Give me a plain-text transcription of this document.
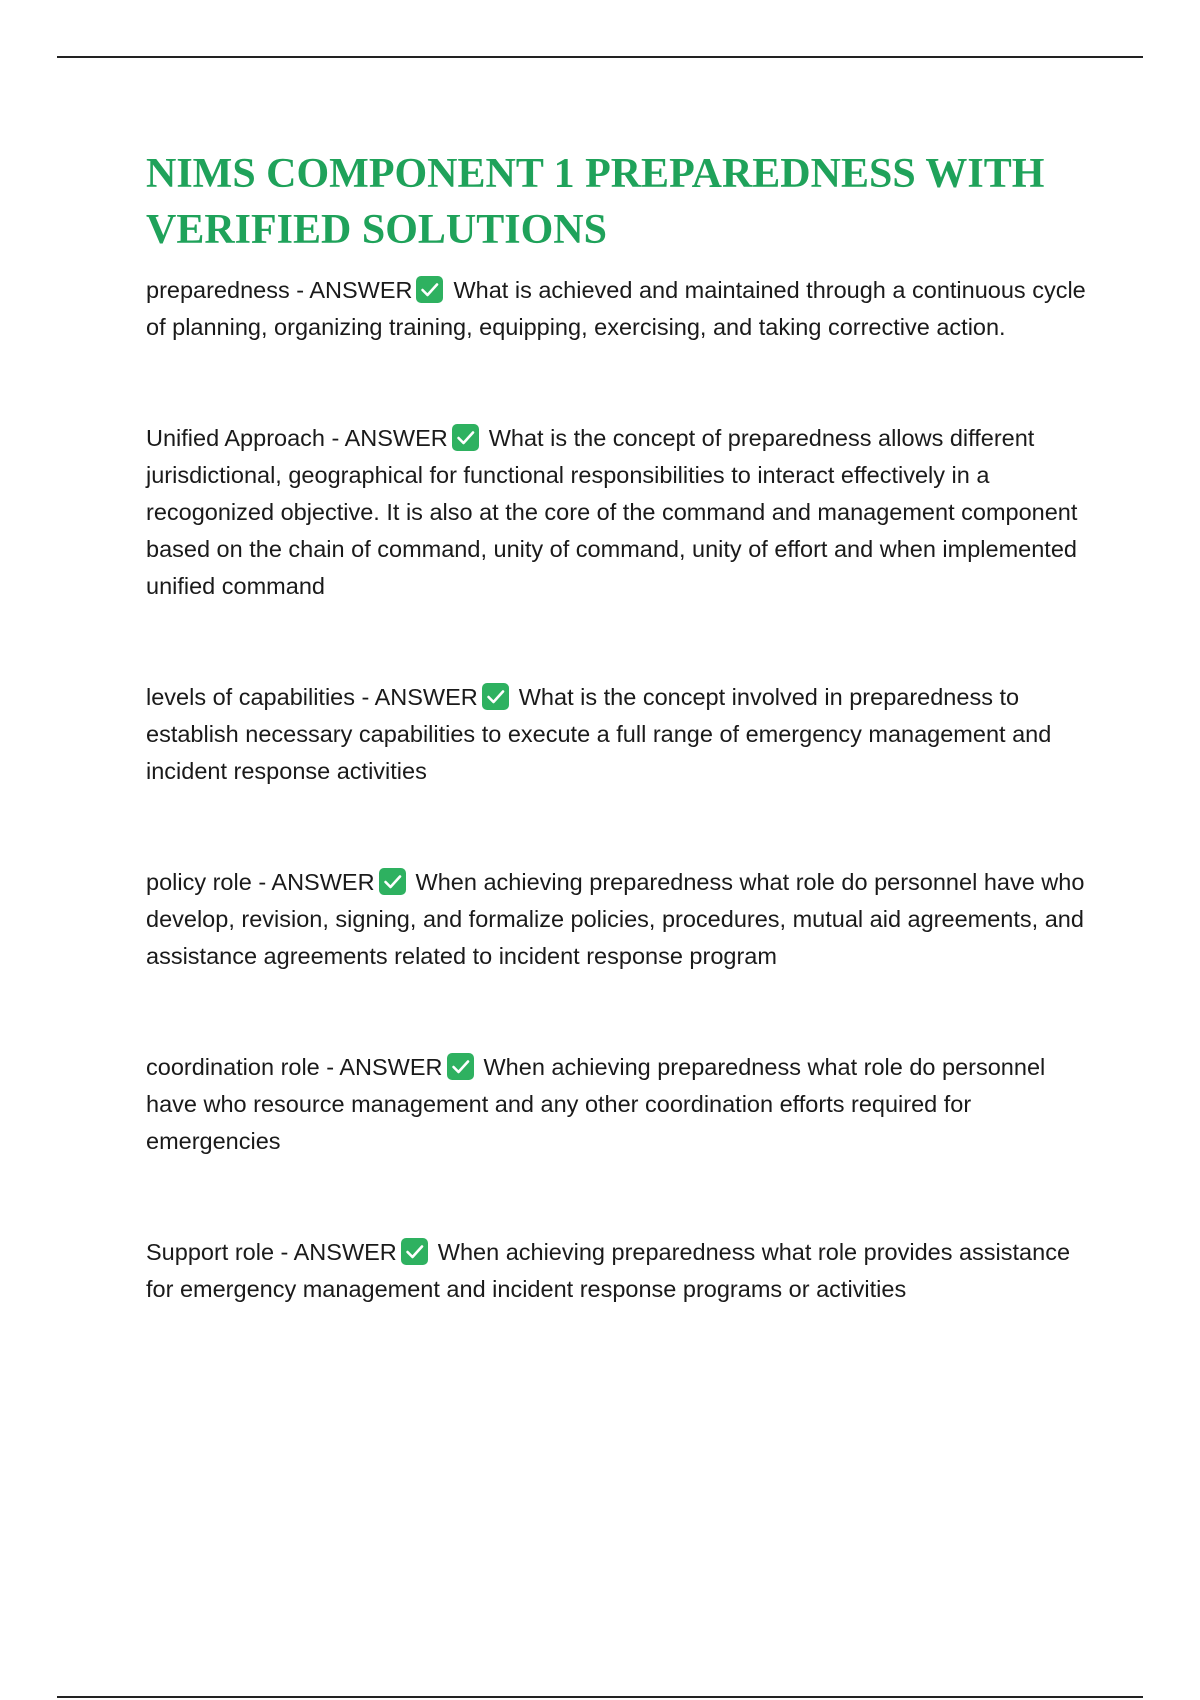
NIMS COMPONENT 1 PREPAREDNESS WITH VERIFIED SOLUTIONS

preparedness - ANSWER What is achieved and maintained through a continuous cycle of planning, organizing training, equipping, exercising, and taking corrective action.

Unified Approach - ANSWER What is the concept of preparedness allows different jurisdictional, geographical for functional responsibilities to interact effectively in a recogonized objective. It is also at the core of the command and management component based on the chain of command, unity of command, unity of effort and when implemented unified command

levels of capabilities - ANSWER What is the concept involved in preparedness to establish necessary capabilities to execute a full range of emergency management and incident response activities

policy role - ANSWER When achieving preparedness what role do personnel have who develop, revision, signing, and formalize policies, procedures, mutual aid agreements, and assistance agreements related to incident response program

coordination role - ANSWER When achieving preparedness what role do personnel have who resource management and any other coordination efforts required for emergencies

Support role - ANSWER When achieving preparedness what role provides assistance for emergency management and incident response programs or activities
